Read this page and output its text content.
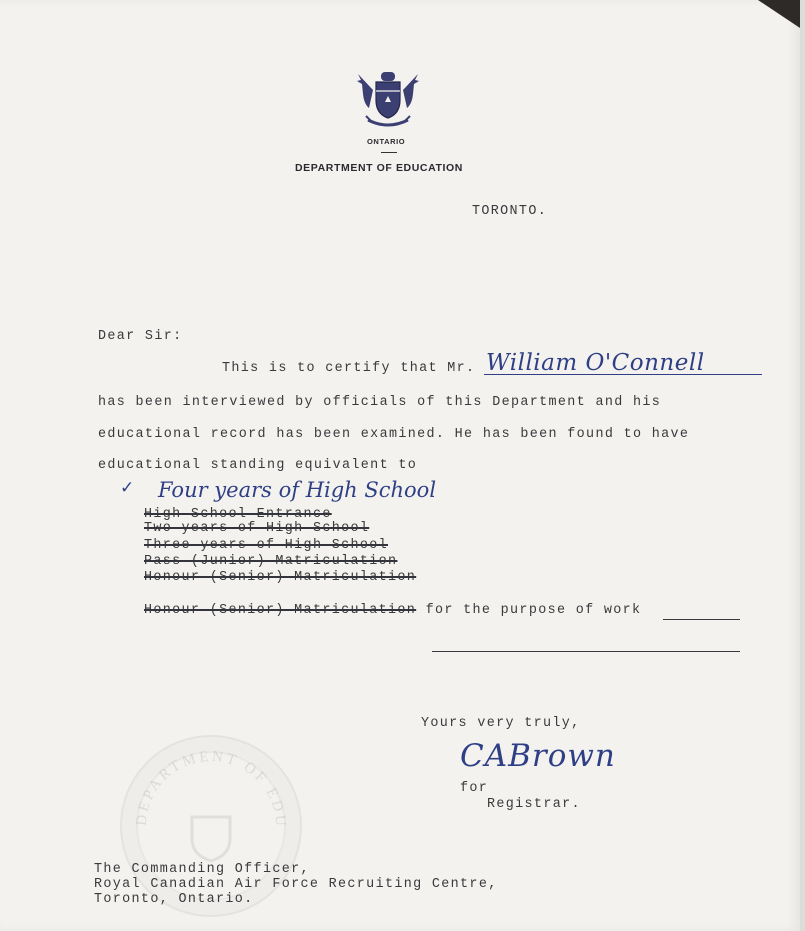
ONTARIO
DEPARTMENT OF EDUCATION
TORONTO.
Dear Sir:
This is to certify that Mr. William O'Connell
has been interviewed by officials of this Department and his
educational record has been examined. He has been found to have
educational standing equivalent to
✓ Four years of High School
High School Entrance
Two years of High School
Three years of High School
Pass (Junior) Matriculation
Honour (Senior) Matriculation
Honour (Senior) Matriculation for the purpose of work
Yours very truly,
DEPARTMENT OF EDU
CABrown
for
Registrar.
The Commanding Officer,
Royal Canadian Air Force Recruiting Centre,
Toronto, Ontario.
